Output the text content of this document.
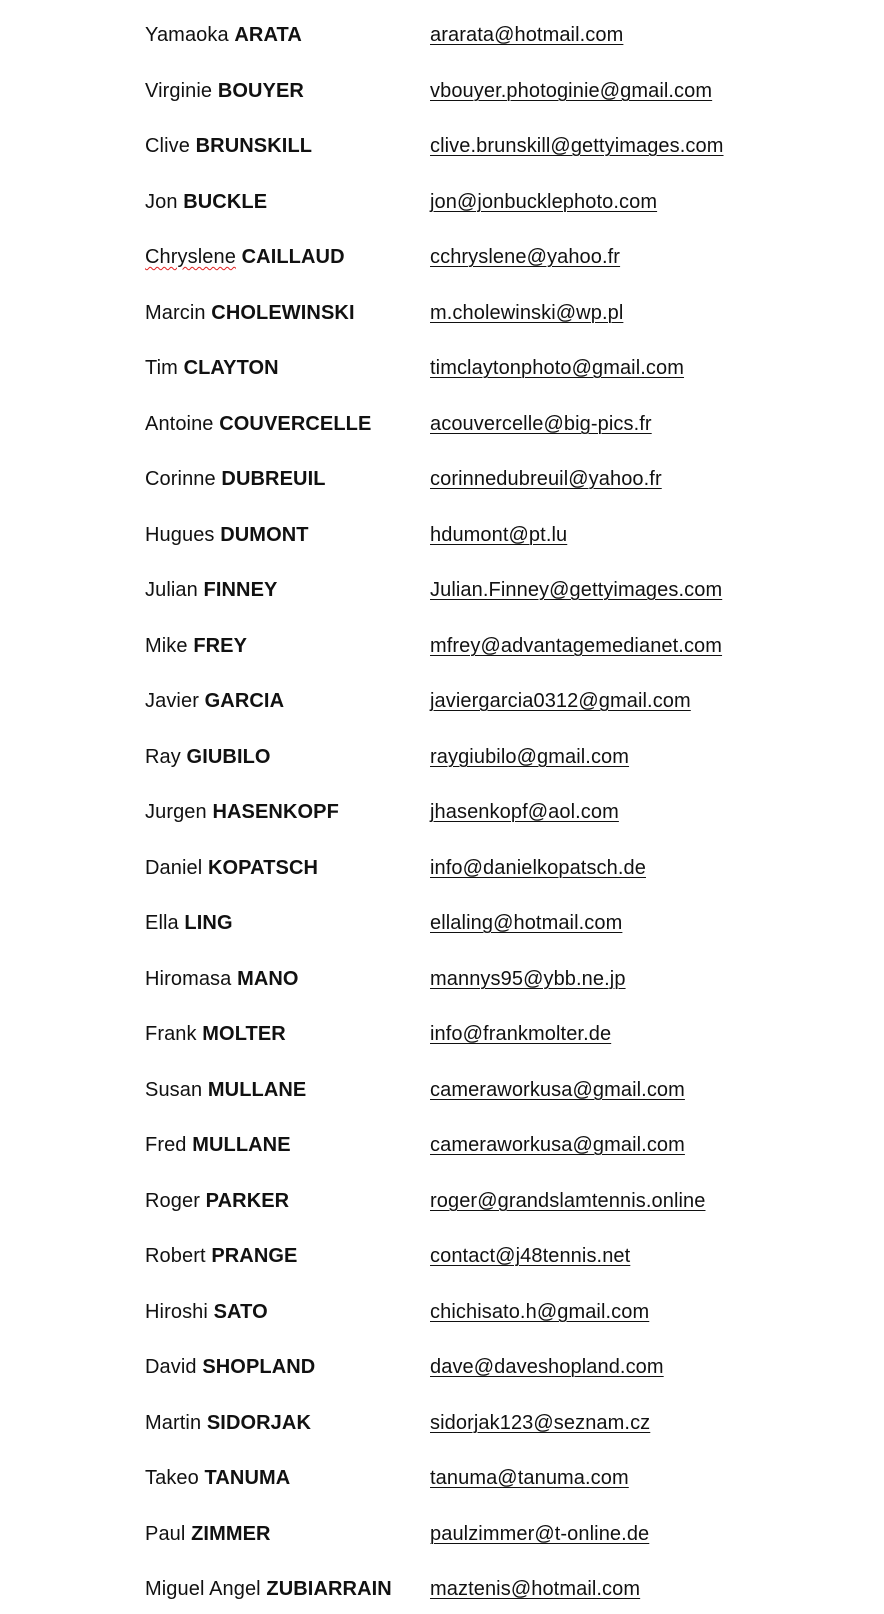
Yamaoka ARATA	ararata@hotmail.com
Virginie BOUYER	vbouyer.photoginie@gmail.com
Clive BRUNSKILL	clive.brunskill@gettyimages.com
Jon BUCKLE	jon@jonbucklephoto.com
Chryslene CAILLAUD	cchryslene@yahoo.fr
Marcin CHOLEWINSKI	m.cholewinski@wp.pl
Tim CLAYTON	timclaytonphoto@gmail.com
Antoine COUVERCELLE	acouvercelle@big-pics.fr
Corinne DUBREUIL	corinnedubreuil@yahoo.fr
Hugues DUMONT	hdumont@pt.lu
Julian FINNEY	Julian.Finney@gettyimages.com
Mike FREY	mfrey@advantagemedianet.com
Javier GARCIA	javiergarcia0312@gmail.com
Ray GIUBILO	raygiubilo@gmail.com
Jurgen HASENKOPF	jhasenkopf@aol.com
Daniel KOPATSCH	info@danielkopatsch.de
Ella LING	ellaling@hotmail.com
Hiromasa MANO	mannys95@ybb.ne.jp
Frank MOLTER	info@frankmolter.de
Susan MULLANE	cameraworkusa@gmail.com
Fred MULLANE	cameraworkusa@gmail.com
Roger PARKER	roger@grandslamtennis.online
Robert PRANGE	contact@j48tennis.net
Hiroshi SATO	chichisato.h@gmail.com
David SHOPLAND	dave@daveshopland.com
Martin SIDORJAK	sidorjak123@seznam.cz
Takeo TANUMA	tanuma@tanuma.com
Paul ZIMMER	paulzimmer@t-online.de
Miguel Angel ZUBIARRAIN maztenis@hotmail.com
